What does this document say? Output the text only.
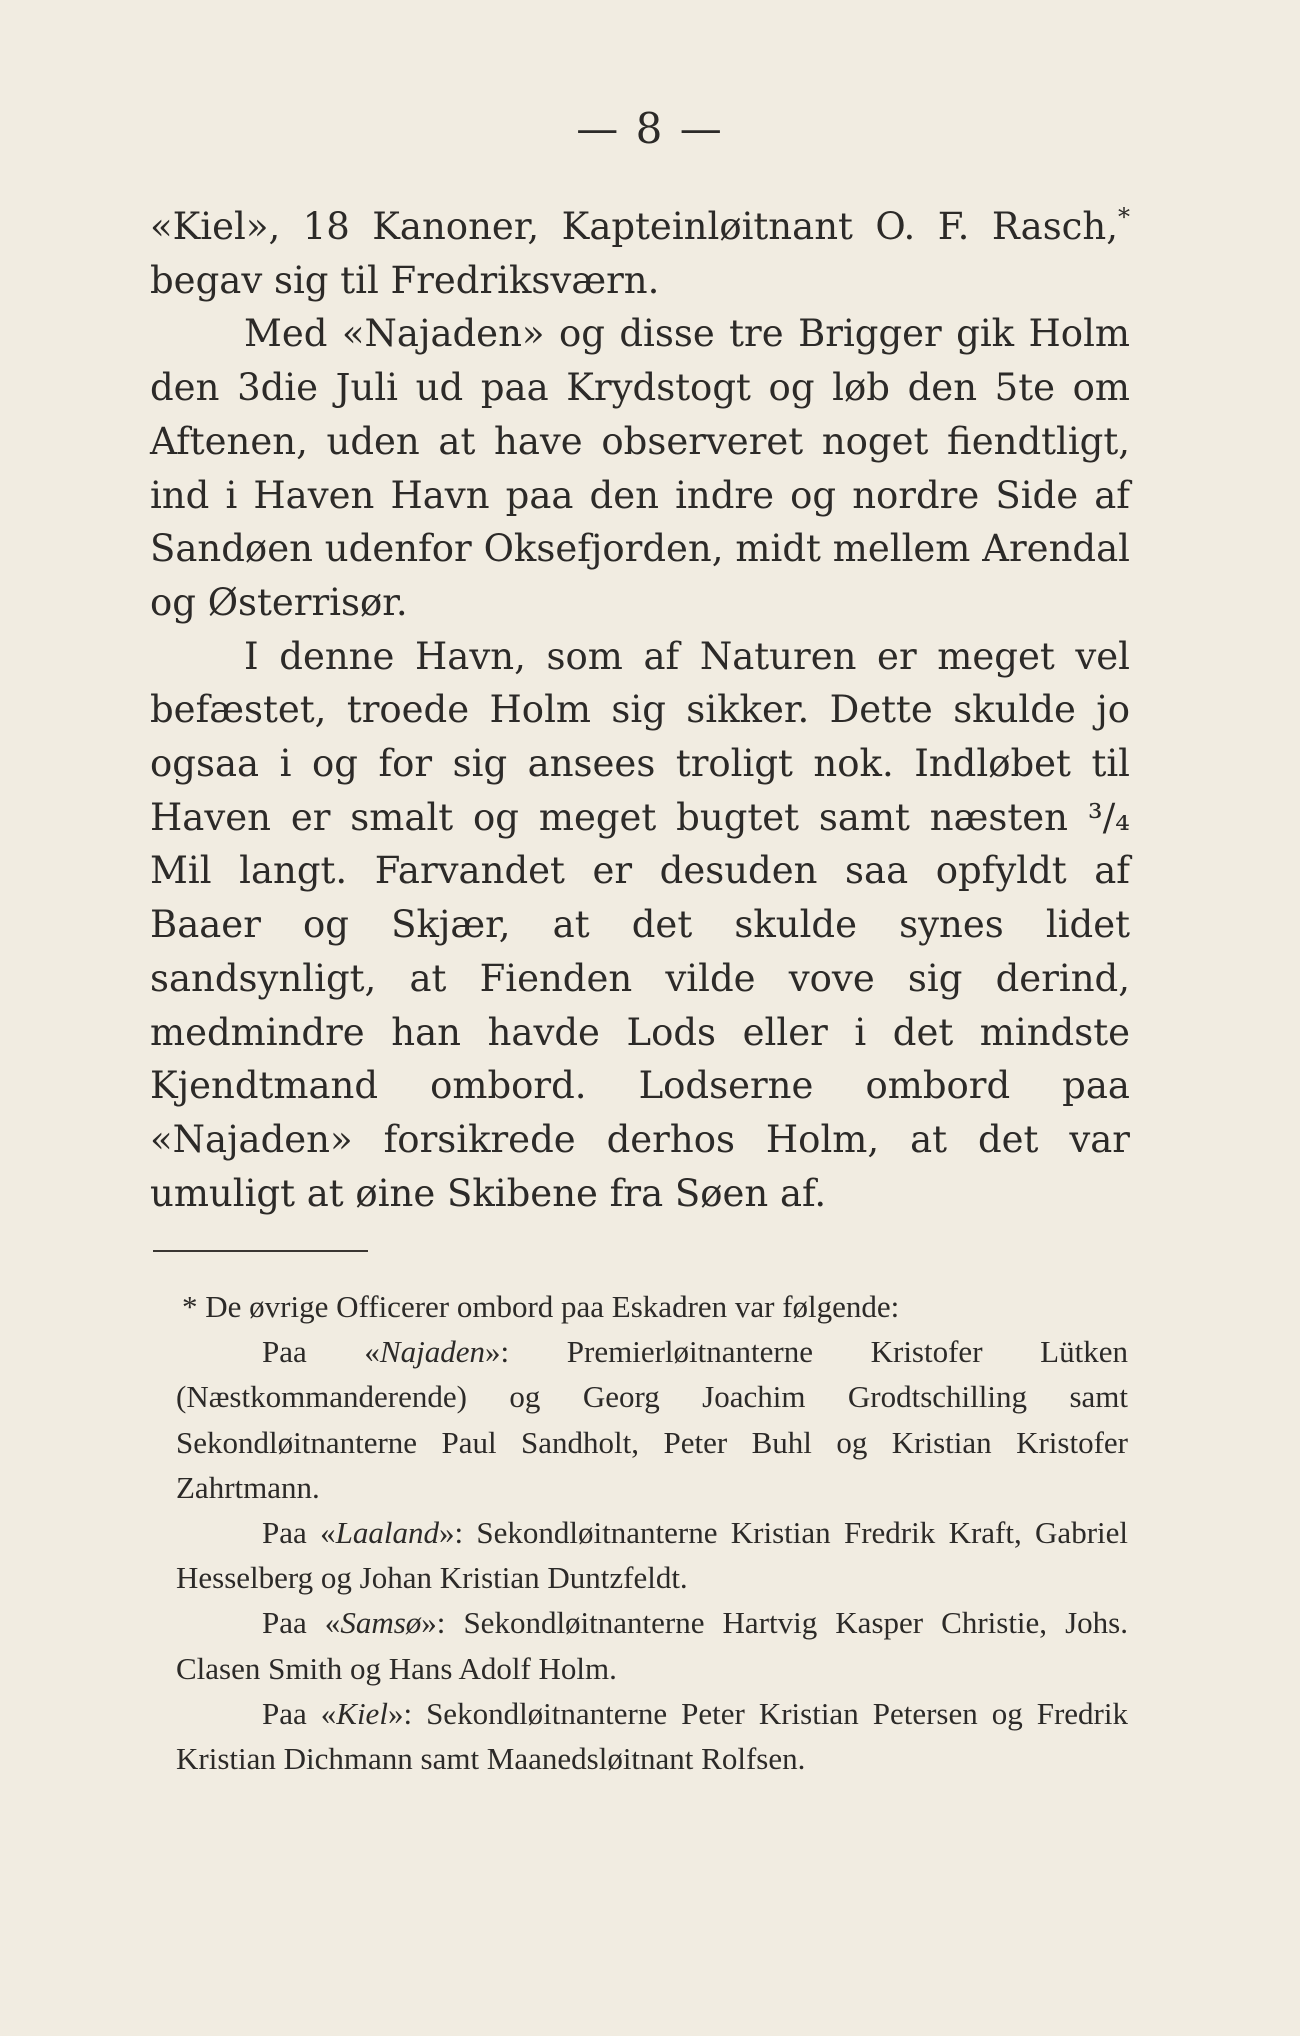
— 8 —

«Kiel», 18 Kanoner, Kapteinløitnant O. F. Rasch,* begav sig til Fredriksværn.

Med «Najaden» og disse tre Brigger gik Holm den 3die Juli ud paa Krydstogt og løb den 5te om Aftenen, uden at have observeret noget fiendtligt, ind i Haven Havn paa den indre og nordre Side af Sandøen udenfor Oksefjorden, midt mellem Arendal og Østerrisør.

I denne Havn, som af Naturen er meget vel befæstet, troede Holm sig sikker. Dette skulde jo ogsaa i og for sig ansees troligt nok. Indløbet til Haven er smalt og meget bugtet samt næsten ³/₄ Mil langt. Farvandet er desuden saa opfyldt af Baaer og Skjær, at det skulde synes lidet sandsynligt, at Fienden vilde vove sig derind, medmindre han havde Lods eller i det mindste Kjendtmand ombord. Lodserne ombord paa «Najaden» forsikrede derhos Holm, at det var umuligt at øine Skibene fra Søen af.

* De øvrige Officerer ombord paa Eskadren var følgende:

Paa «Najaden»: Premierløitnanterne Kristofer Lütken (Næstkommanderende) og Georg Joachim Grodtschilling samt Sekondløitnanterne Paul Sandholt, Peter Buhl og Kristian Kristofer Zahrtmann.

Paa «Laaland»: Sekondløitnanterne Kristian Fredrik Kraft, Gabriel Hesselberg og Johan Kristian Duntzfeldt.

Paa «Samsø»: Sekondløitnanterne Hartvig Kasper Christie, Johs. Clasen Smith og Hans Adolf Holm.

Paa «Kiel»: Sekondløitnanterne Peter Kristian Petersen og Fredrik Kristian Dichmann samt Maanedsløitnant Rolfsen.
